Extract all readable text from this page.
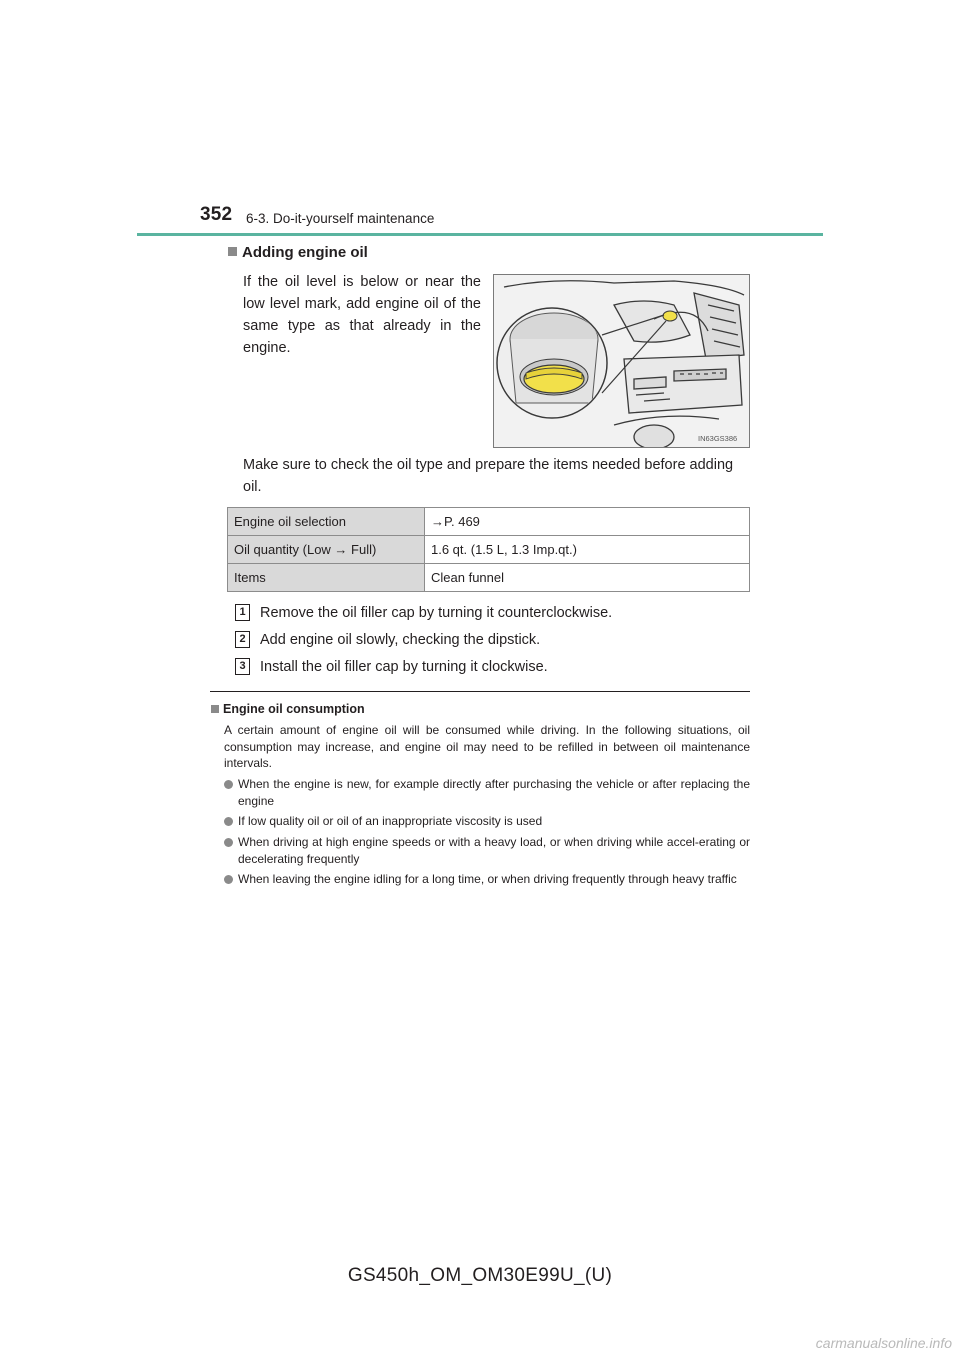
352 6-3. Do-it-yourself maintenance
Adding engine oil
If the oil level is below or near the low level mark, add engine oil of the same type as that already in the engine.
IN63GS386
Make sure to check the oil type and prepare the items needed before adding oil.
Engine oil selection	→P. 469
Oil quantity (Low → Full)	1.6 qt. (1.5 L, 1.3 Imp.qt.)
Items	Clean funnel
1 Remove the oil filler cap by turning it counterclockwise.
2 Add engine oil slowly, checking the dipstick.
3 Install the oil filler cap by turning it clockwise.
Engine oil consumption
A certain amount of engine oil will be consumed while driving. In the following situations, oil consumption may increase, and engine oil may need to be refilled in between oil maintenance intervals.
When the engine is new, for example directly after purchasing the vehicle or after replacing the engine
If low quality oil or oil of an inappropriate viscosity is used
When driving at high engine speeds or with a heavy load, or when driving while accel-erating or decelerating frequently
When leaving the engine idling for a long time, or when driving frequently through heavy traffic
GS450h_OM_OM30E99U_(U)
carmanualsonline.info
